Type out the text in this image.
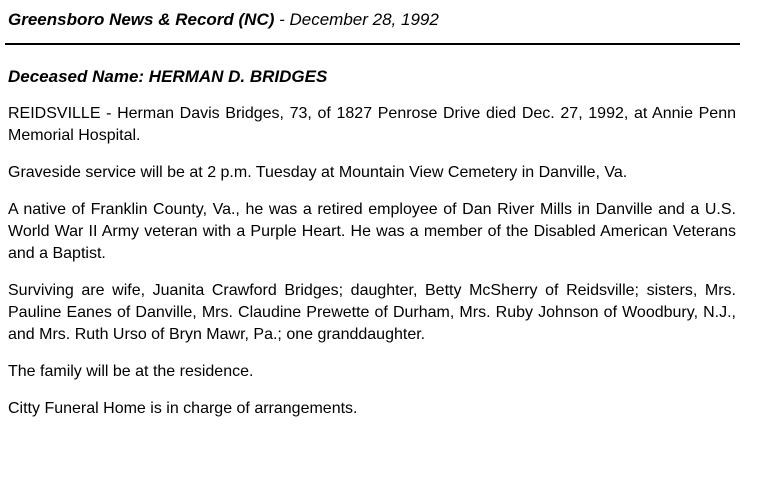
Greensboro News & Record (NC) - December 28, 1992
Deceased Name: HERMAN D. BRIDGES

REIDSVILLE - Herman Davis Bridges, 73, of 1827 Penrose Drive died Dec. 27, 1992, at Annie Penn Memorial Hospital.

Graveside service will be at 2 p.m. Tuesday at Mountain View Cemetery in Danville, Va.

A native of Franklin County, Va., he was a retired employee of Dan River Mills in Danville and a U.S. World War II Army veteran with a Purple Heart. He was a member of the Disabled American Veterans and a Baptist.

Surviving are wife, Juanita Crawford Bridges; daughter, Betty McSherry of Reidsville; sisters, Mrs. Pauline Eanes of Danville, Mrs. Claudine Prewette of Durham, Mrs. Ruby Johnson of Woodbury, N.J., and Mrs. Ruth Urso of Bryn Mawr, Pa.; one granddaughter.

The family will be at the residence.

Citty Funeral Home is in charge of arrangements.
